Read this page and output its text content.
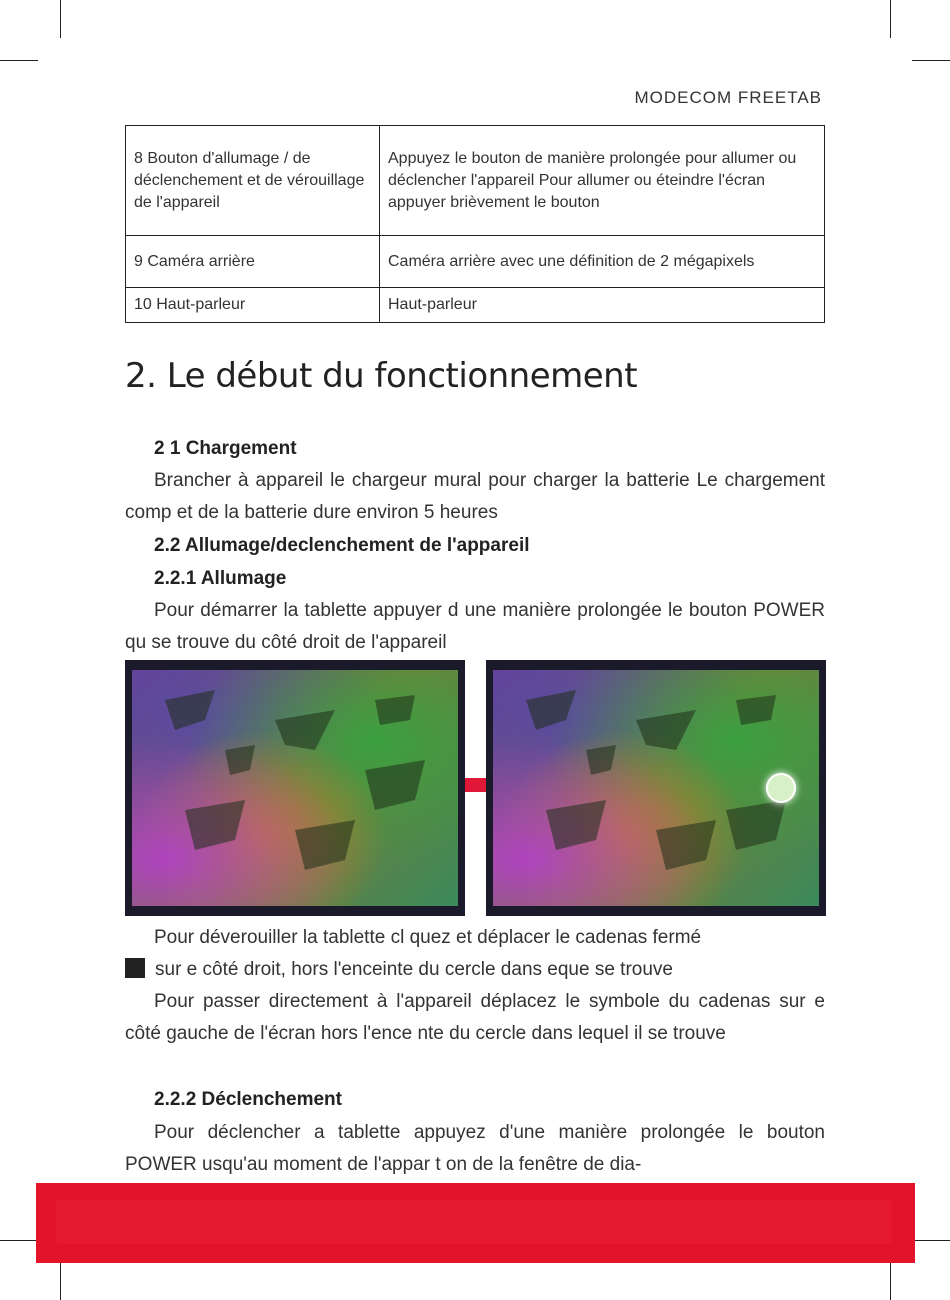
MODECOM FREETAB
8 Bouton d'allumage / de déclenchement et de vérouillage de l'appareil	Appuyez le bouton de manière prolongée pour allumer ou déclencher l'appareil Pour allumer ou éteindre l'écran appuyer brièvement le bouton
9 Caméra arrière	Caméra arrière avec une définition de 2 mégapixels
10 Haut-parleur	Haut-parleur
2. Le début du fonctionnement
2 1 Chargement
Brancher à appareil le chargeur mural pour charger la batterie Le chargement comp et de la batterie dure environ 5 heures
2.2 Allumage/declenchement de l'appareil
2.2.1 Allumage
Pour démarrer la tablette appuyer d une manière prolongée le bouton POWER qu se trouve du côté droit de l'appareil
Pour déverouiller la tablette cl quez et déplacer le cadenas fermé
sur e côté droit, hors l'enceinte du cercle dans eque se trouve
Pour passer directement à l'appareil déplacez le symbole du cadenas sur e côté gauche de l'écran hors l'ence nte du cercle dans lequel il se trouve
2.2.2 Déclenchement
Pour déclencher a tablette appuyez d'une manière prolongée le bouton POWER usqu'au moment de l'appar t on de la fenêtre de dia-
